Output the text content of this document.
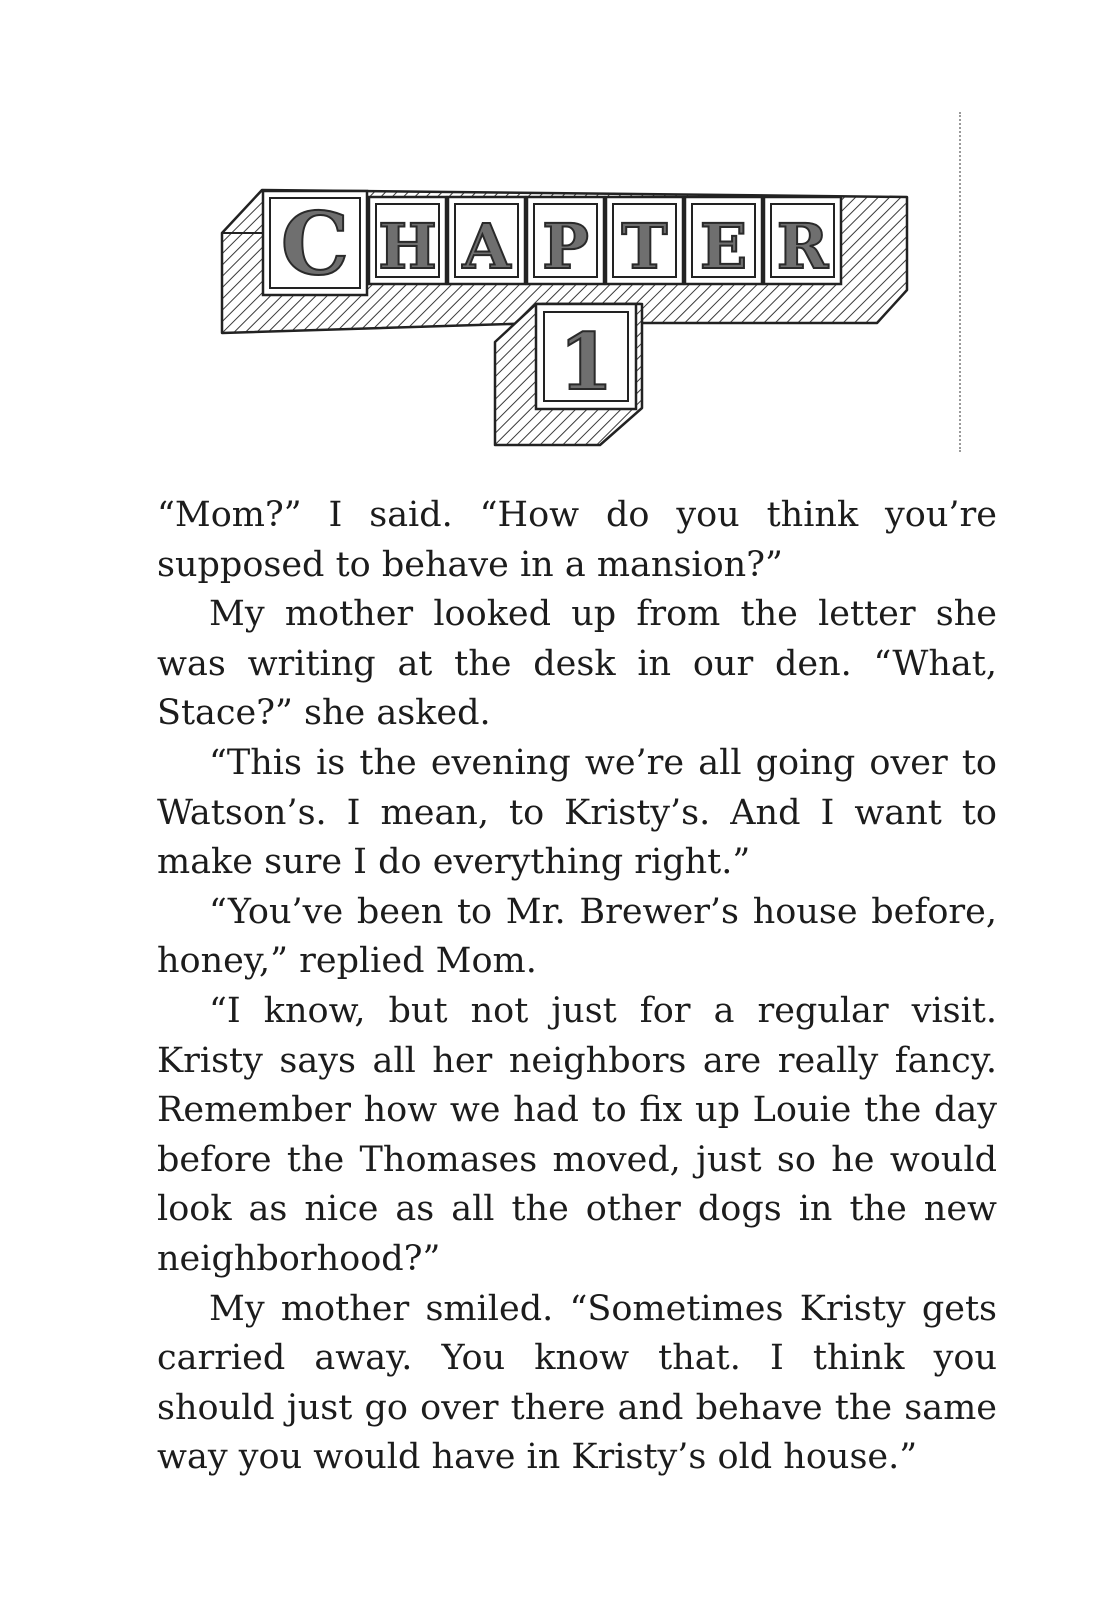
C H A P T E R
1

“Mom?” I said. “How do you think you’re supposed to behave in a mansion?”

My mother looked up from the letter she was writing at the desk in our den. “What, Stace?” she asked.

“This is the evening we’re all going over to Watson’s. I mean, to Kristy’s. And I want to make sure I do everything right.”

“You’ve been to Mr. Brewer’s house before, honey,” replied Mom.

“I know, but not just for a regular visit. Kristy says all her neighbors are really fancy. Remember how we had to fix up Louie the day before the Thomases moved, just so he would look as nice as all the other dogs in the new neighborhood?”

My mother smiled. “Sometimes Kristy gets carried away. You know that. I think you should just go over there and behave the same way you would have in Kristy’s old house.”
